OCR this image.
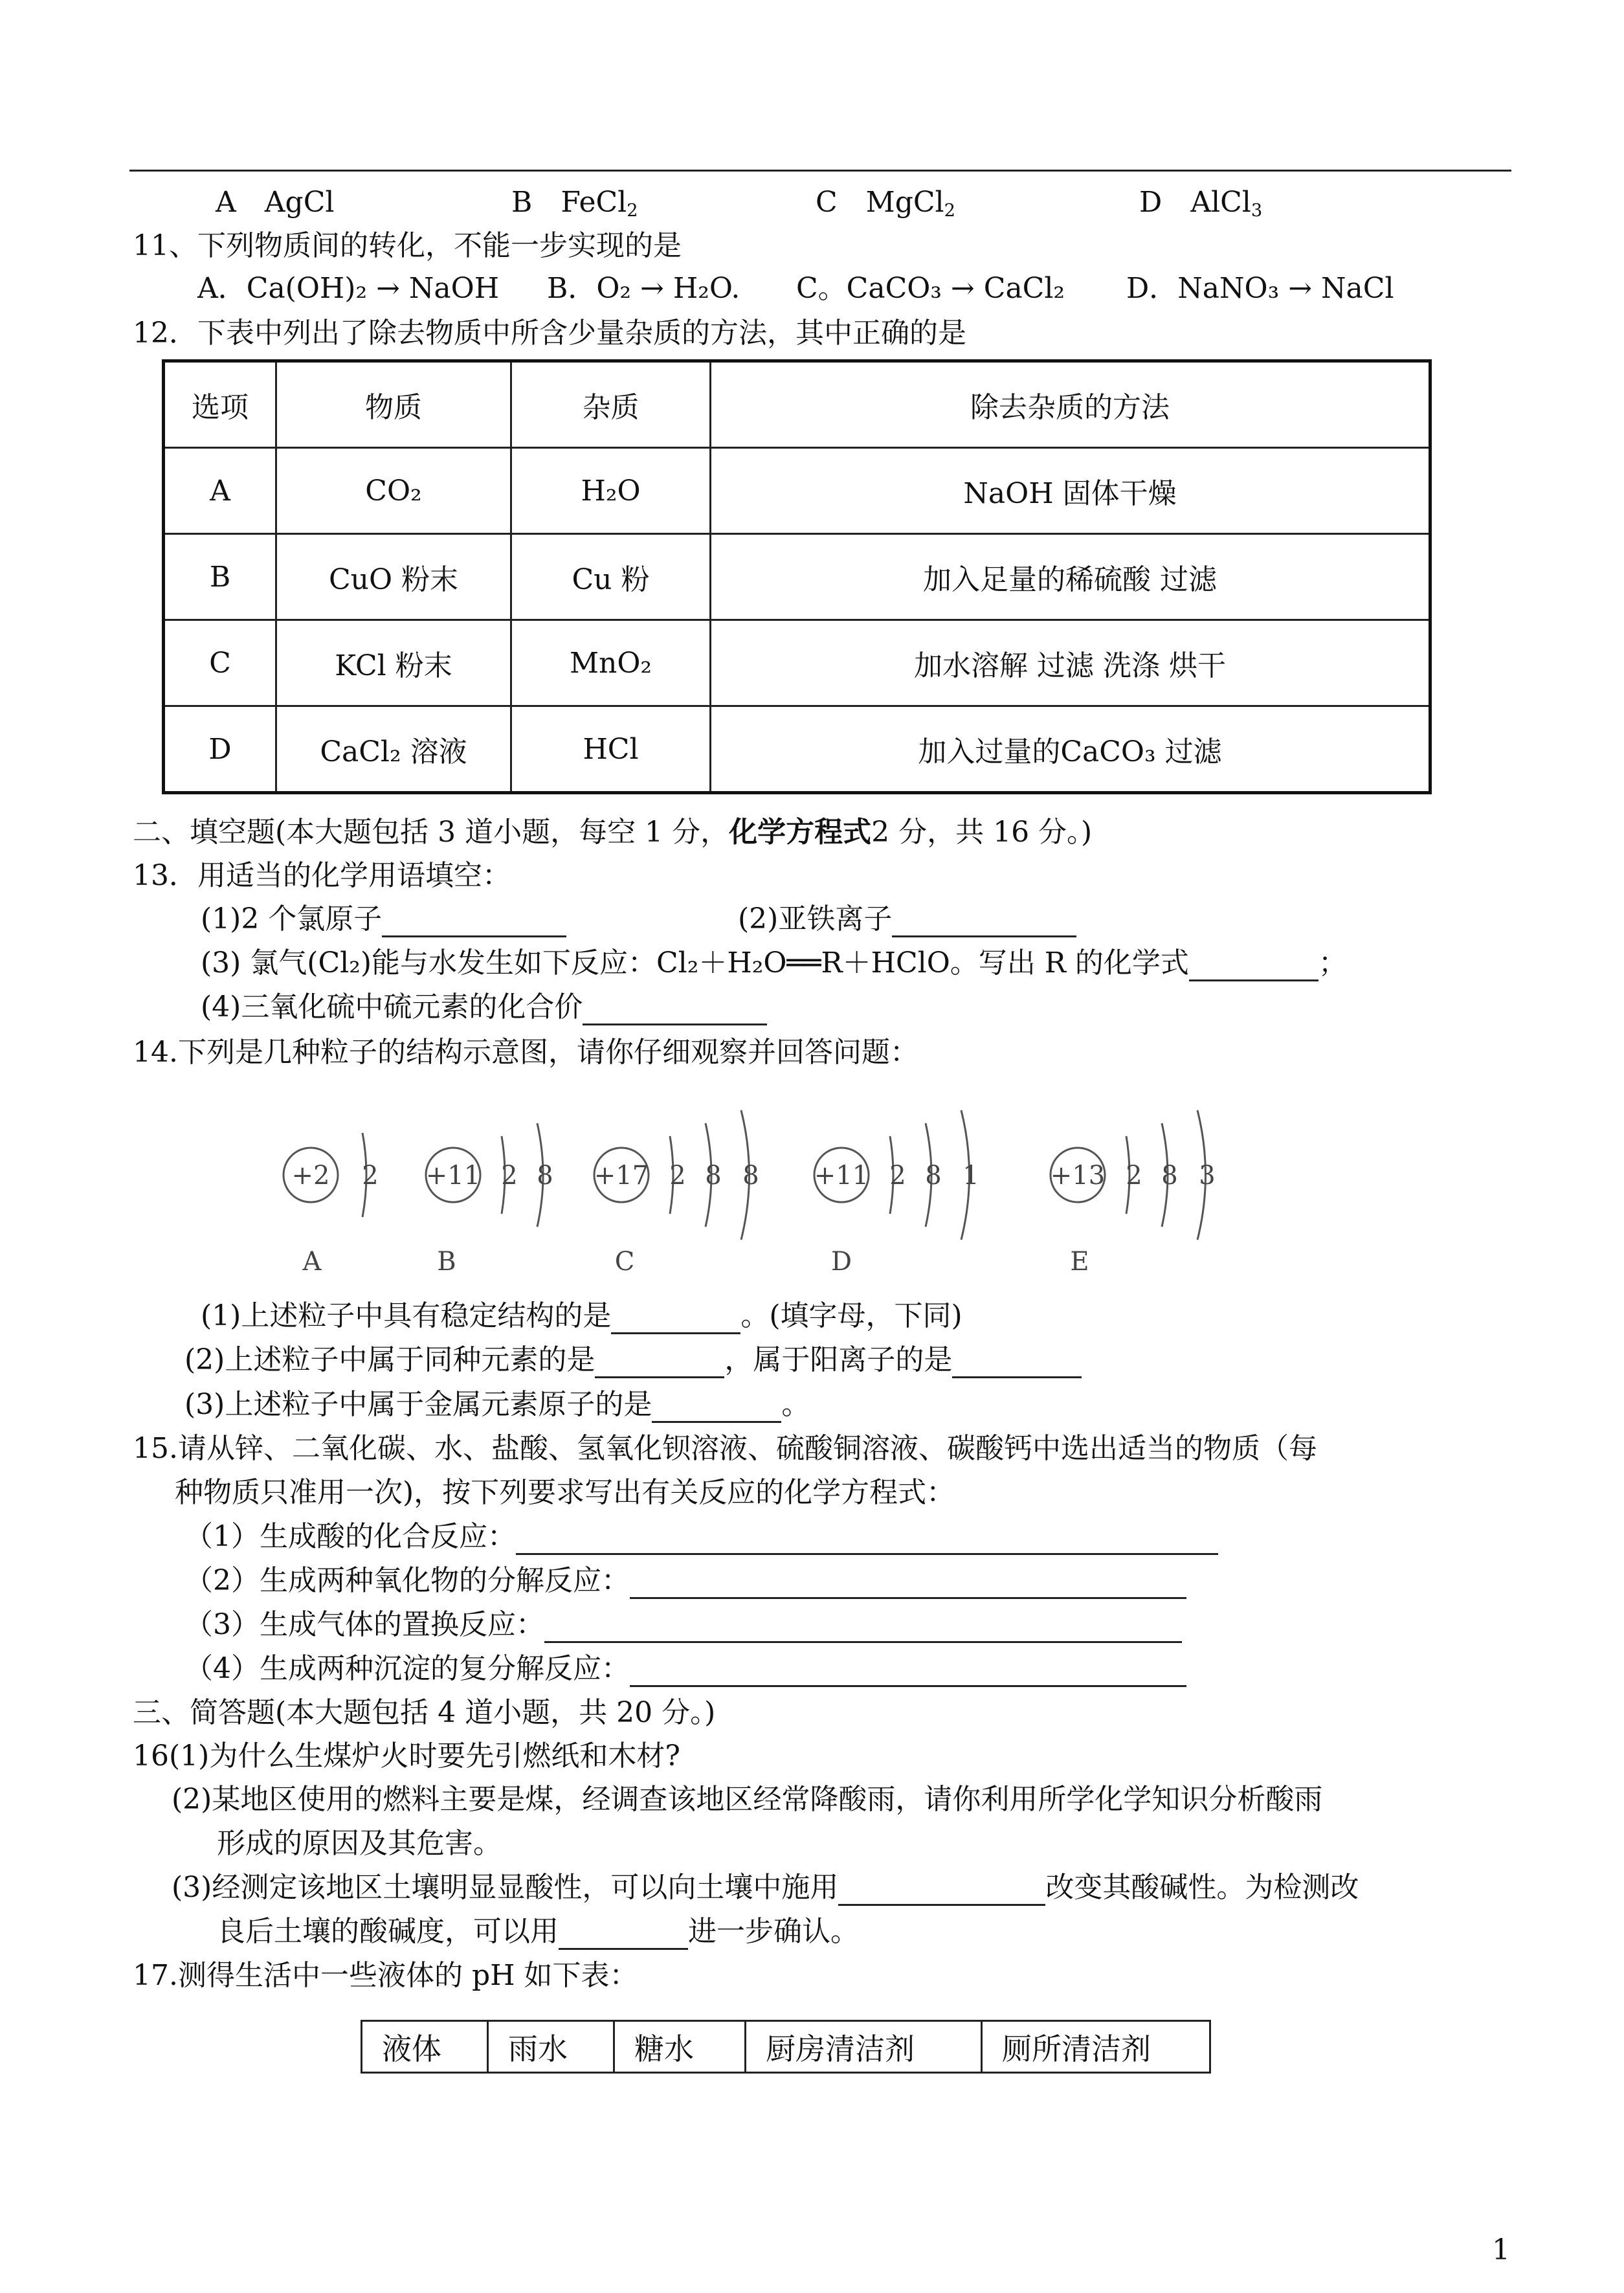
A　AgCl	B　FeCl$_2$	C　MgCl$_2$	D　AlCl$_3$
11、下列物质间的转化，不能一步实现的是
A．Ca(OH)₂ → NaOH B．O₂ → H₂O. C。CaCO₃ → CaCl₂ D．NaNO₃ → NaCl
12．下表中列出了除去物质中所含少量杂质的方法，其中正确的是
选项	物质	杂质	除去杂质的方法
A	CO₂	H₂O	NaOH 固体干燥
B	CuO 粉末	Cu 粉	加入足量的稀硫酸 过滤
C	KCl 粉末	MnO₂	加水溶解 过滤 洗涤 烘干
D	CaCl₂ 溶液	HCl	加入过量的CaCO₃ 过滤
二、填空题(本大题包括 3 道小题，每空 1 分，化学方程式2 分，共 16 分。)
13．用适当的化学用语填空：
(1)2 个氯原子	(2)亚铁离子
(3) 氯气(Cl₂)能与水发生如下反应：Cl₂＋H₂O══R＋HClO。写出 R 的化学式	；
(4)三氧化硫中硫元素的化合价
14.下列是几种粒子的结构示意图，请你仔细观察并回答问题：
+2 2
A
+11 2 8
B
+17 2 8 8
C
+11 2 8 1
D
+13 2 8 3
E
(1)上述粒子中具有稳定结构的是	。(填字母，下同)
(2)上述粒子中属于同种元素的是	，属于阳离子的是
(3)上述粒子中属于金属元素原子的是	。
15.请从锌、二氧化碳、水、盐酸、氢氧化钡溶液、硫酸铜溶液、碳酸钙中选出适当的物质（每
种物质只准用一次)，按下列要求写出有关反应的化学方程式：
（1）生成酸的化合反应：
（2）生成两种氧化物的分解反应：
（3）生成气体的置换反应：
（4）生成两种沉淀的复分解反应：
三、简答题(本大题包括 4 道小题，共 20 分。)
16(1)为什么生煤炉火时要先引燃纸和木材?
(2)某地区使用的燃料主要是煤，经调查该地区经常降酸雨，请你利用所学化学知识分析酸雨
形成的原因及其危害。
(3)经测定该地区土壤明显显酸性，可以向土壤中施用	改变其酸碱性。为检测改
良后土壤的酸碱度，可以用	进一步确认。
17.测得生活中一些液体的 pH 如下表：
液体	雨水	糖水	厨房清洁剂	厕所清洁剂
1
